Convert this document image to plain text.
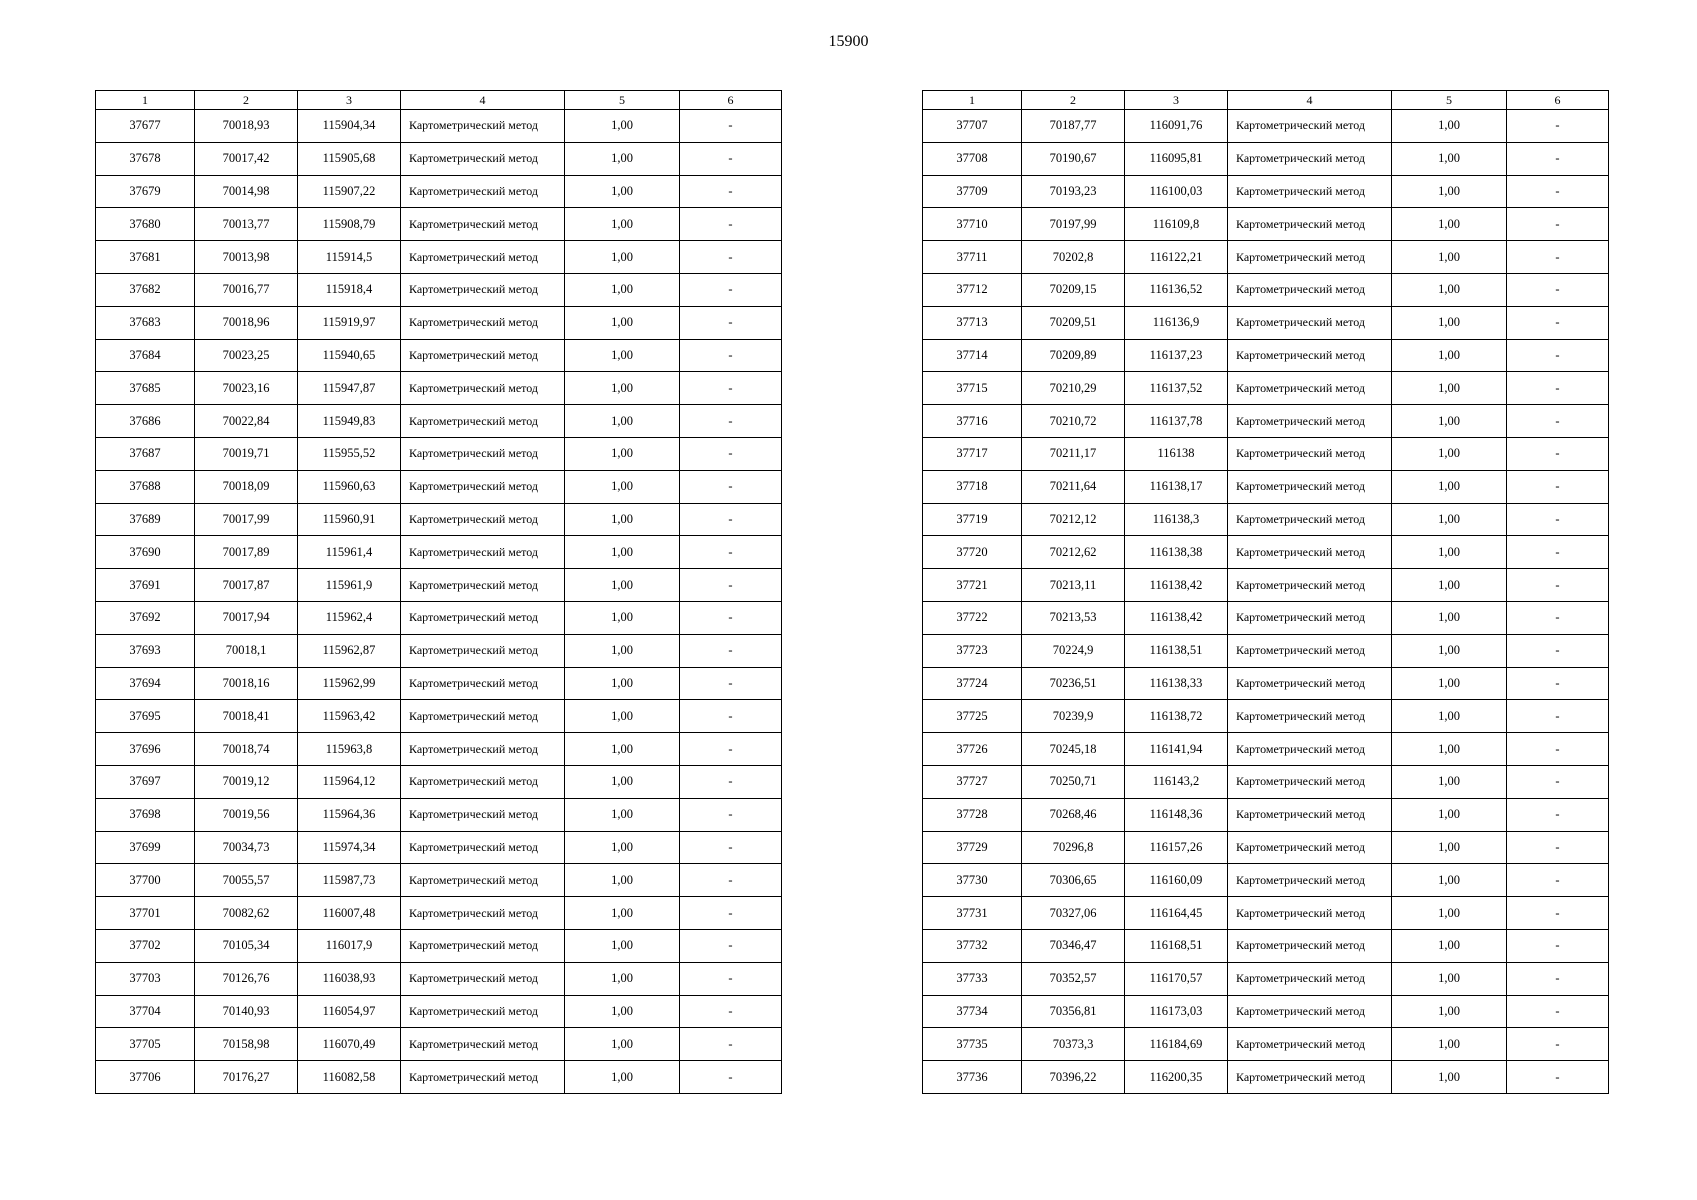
15900
1	2	3	4	5	6
37677	70018,93	115904,34	Картометрический метод	1,00	-
37678	70017,42	115905,68	Картометрический метод	1,00	-
37679	70014,98	115907,22	Картометрический метод	1,00	-
37680	70013,77	115908,79	Картометрический метод	1,00	-
37681	70013,98	115914,5	Картометрический метод	1,00	-
37682	70016,77	115918,4	Картометрический метод	1,00	-
37683	70018,96	115919,97	Картометрический метод	1,00	-
37684	70023,25	115940,65	Картометрический метод	1,00	-
37685	70023,16	115947,87	Картометрический метод	1,00	-
37686	70022,84	115949,83	Картометрический метод	1,00	-
37687	70019,71	115955,52	Картометрический метод	1,00	-
37688	70018,09	115960,63	Картометрический метод	1,00	-
37689	70017,99	115960,91	Картометрический метод	1,00	-
37690	70017,89	115961,4	Картометрический метод	1,00	-
37691	70017,87	115961,9	Картометрический метод	1,00	-
37692	70017,94	115962,4	Картометрический метод	1,00	-
37693	70018,1	115962,87	Картометрический метод	1,00	-
37694	70018,16	115962,99	Картометрический метод	1,00	-
37695	70018,41	115963,42	Картометрический метод	1,00	-
37696	70018,74	115963,8	Картометрический метод	1,00	-
37697	70019,12	115964,12	Картометрический метод	1,00	-
37698	70019,56	115964,36	Картометрический метод	1,00	-
37699	70034,73	115974,34	Картометрический метод	1,00	-
37700	70055,57	115987,73	Картометрический метод	1,00	-
37701	70082,62	116007,48	Картометрический метод	1,00	-
37702	70105,34	116017,9	Картометрический метод	1,00	-
37703	70126,76	116038,93	Картометрический метод	1,00	-
37704	70140,93	116054,97	Картометрический метод	1,00	-
37705	70158,98	116070,49	Картометрический метод	1,00	-
37706	70176,27	116082,58	Картометрический метод	1,00	-
1	2	3	4	5	6
37707	70187,77	116091,76	Картометрический метод	1,00	-
37708	70190,67	116095,81	Картометрический метод	1,00	-
37709	70193,23	116100,03	Картометрический метод	1,00	-
37710	70197,99	116109,8	Картометрический метод	1,00	-
37711	70202,8	116122,21	Картометрический метод	1,00	-
37712	70209,15	116136,52	Картометрический метод	1,00	-
37713	70209,51	116136,9	Картометрический метод	1,00	-
37714	70209,89	116137,23	Картометрический метод	1,00	-
37715	70210,29	116137,52	Картометрический метод	1,00	-
37716	70210,72	116137,78	Картометрический метод	1,00	-
37717	70211,17	116138	Картометрический метод	1,00	-
37718	70211,64	116138,17	Картометрический метод	1,00	-
37719	70212,12	116138,3	Картометрический метод	1,00	-
37720	70212,62	116138,38	Картометрический метод	1,00	-
37721	70213,11	116138,42	Картометрический метод	1,00	-
37722	70213,53	116138,42	Картометрический метод	1,00	-
37723	70224,9	116138,51	Картометрический метод	1,00	-
37724	70236,51	116138,33	Картометрический метод	1,00	-
37725	70239,9	116138,72	Картометрический метод	1,00	-
37726	70245,18	116141,94	Картометрический метод	1,00	-
37727	70250,71	116143,2	Картометрический метод	1,00	-
37728	70268,46	116148,36	Картометрический метод	1,00	-
37729	70296,8	116157,26	Картометрический метод	1,00	-
37730	70306,65	116160,09	Картометрический метод	1,00	-
37731	70327,06	116164,45	Картометрический метод	1,00	-
37732	70346,47	116168,51	Картометрический метод	1,00	-
37733	70352,57	116170,57	Картометрический метод	1,00	-
37734	70356,81	116173,03	Картометрический метод	1,00	-
37735	70373,3	116184,69	Картометрический метод	1,00	-
37736	70396,22	116200,35	Картометрический метод	1,00	-
